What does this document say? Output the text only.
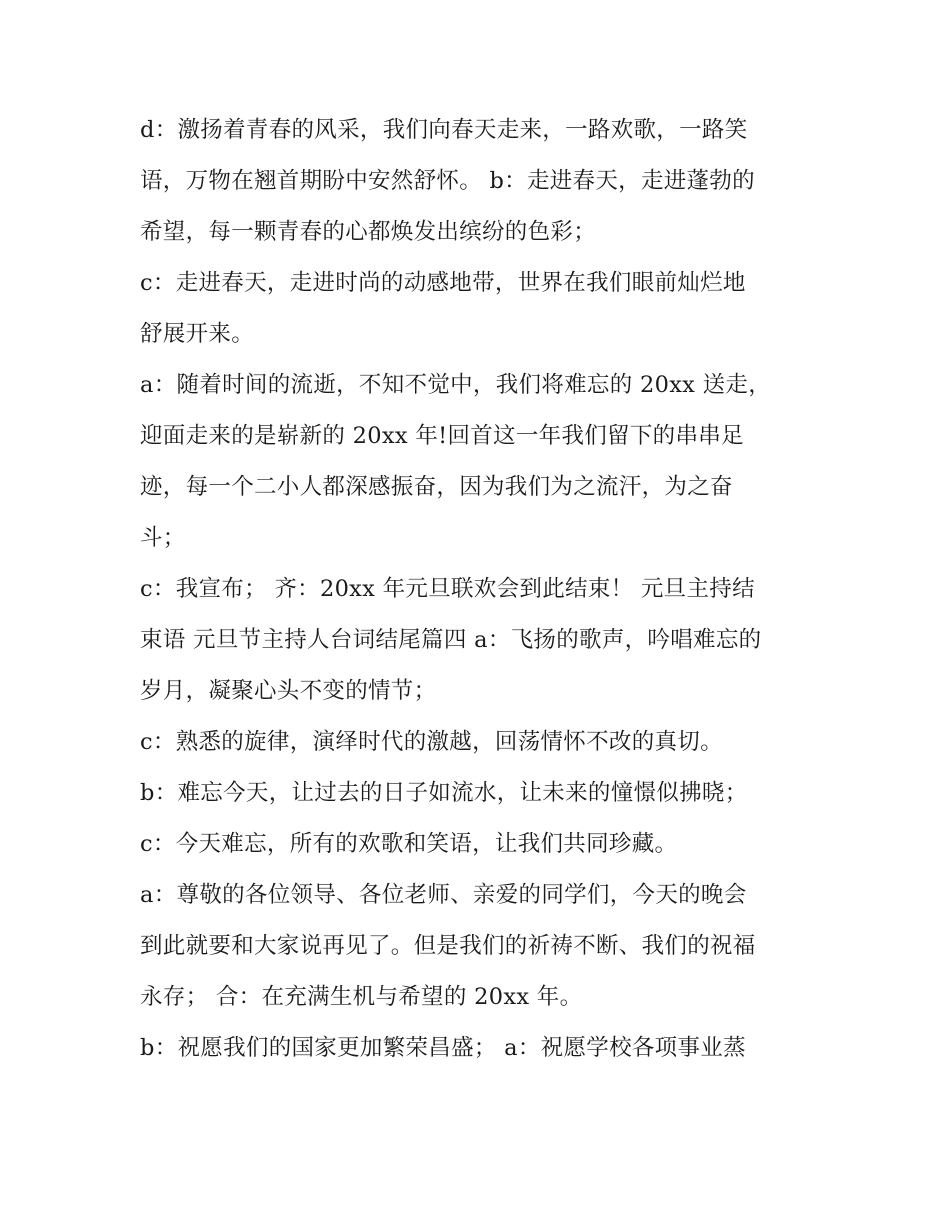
d：激扬着青春的风采，我们向春天走来，一路欢歌，一路笑
语，万物在翘首期盼中安然舒怀。 b：走进春天，走进蓬勃的
希望，每一颗青春的心都焕发出缤纷的色彩；
c：走进春天，走进时尚的动感地带，世界在我们眼前灿烂地
舒展开来。
a：随着时间的流逝，不知不觉中，我们将难忘的 20xx 送走，
迎面走来的是崭新的 20xx 年!回首这一年我们留下的串串足
迹，每一个二小人都深感振奋，因为我们为之流汗，为之奋
斗；
c：我宣布； 齐：20xx 年元旦联欢会到此结束！ 元旦主持结
束语 元旦节主持人台词结尾篇四 a：飞扬的歌声，吟唱难忘的
岁月，凝聚心头不变的情节；
c：熟悉的旋律，演绎时代的激越，回荡情怀不改的真切。
b：难忘今天，让过去的日子如流水，让未来的憧憬似拂晓；
c：今天难忘，所有的欢歌和笑语，让我们共同珍藏。
a：尊敬的各位领导、各位老师、亲爱的同学们，今天的晚会
到此就要和大家说再见了。但是我们的祈祷不断、我们的祝福
永存； 合：在充满生机与希望的 20xx 年。
b：祝愿我们的国家更加繁荣昌盛； a：祝愿学校各项事业蒸
